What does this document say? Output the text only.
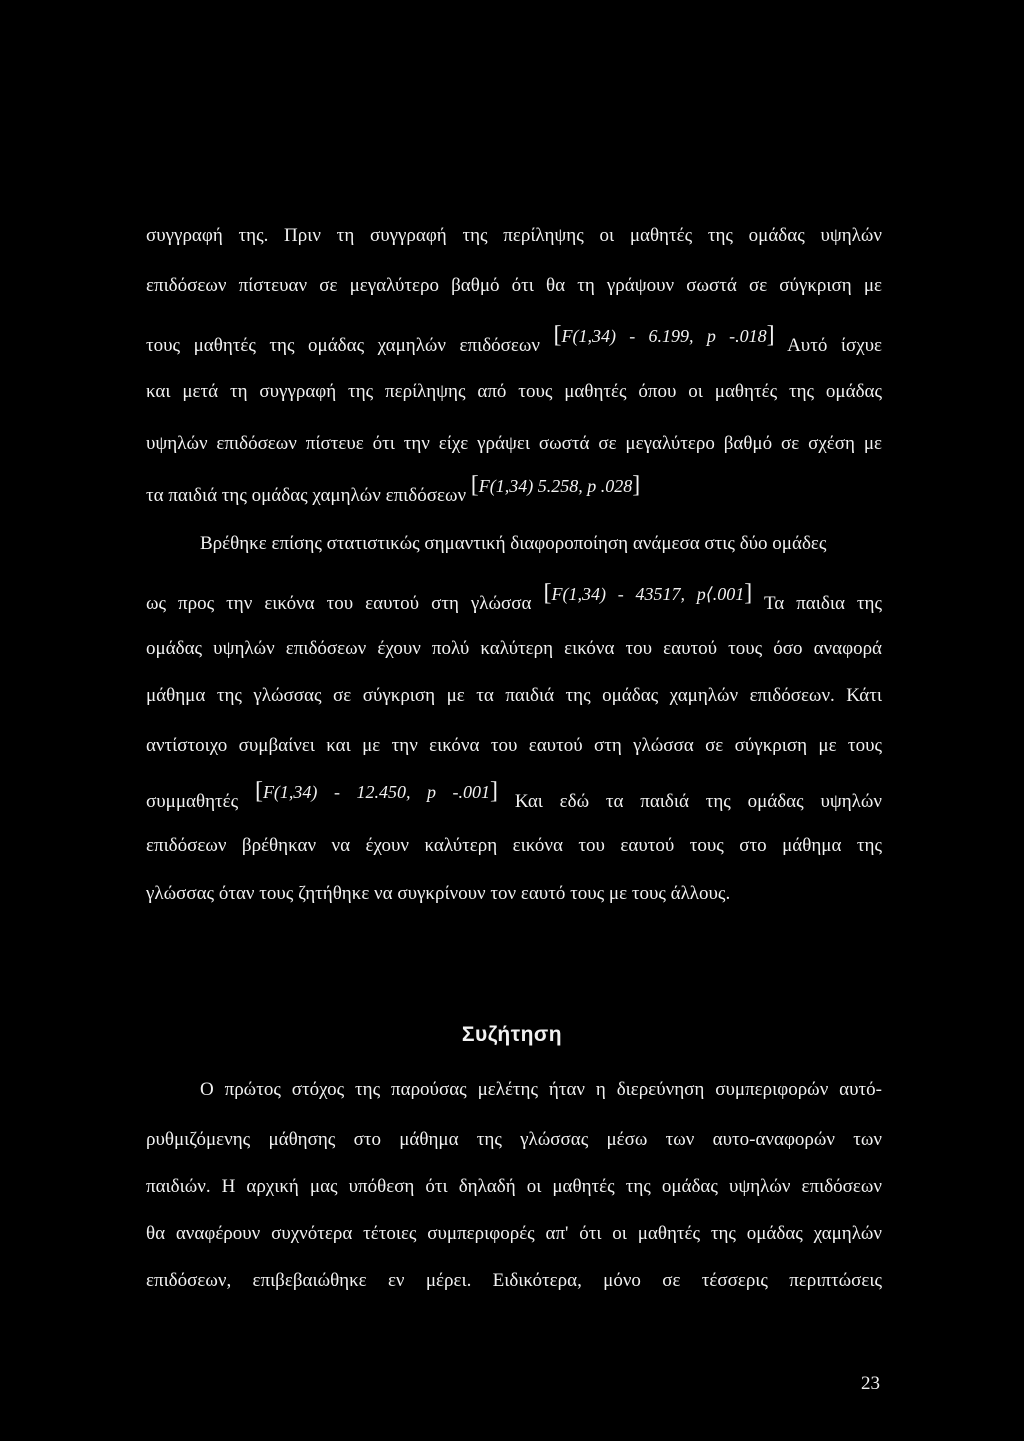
συγγραφή της. Πριν τη συγγραφή της περίληψης οι μαθητές της ομάδας υψηλών
επιδόσεων πίστευαν σε μεγαλύτερο βαθμό ότι θα τη γράψουν σωστά σε σύγκριση με
τους μαθητές της ομάδας χαμηλών επιδόσεων [F(1,34) - 6.199, p -.018] Αυτό ίσχυε
και μετά τη συγγραφή της περίληψης από τους μαθητές όπου οι μαθητές της ομάδας
υψηλών επιδόσεων πίστευε ότι την είχε γράψει σωστά σε μεγαλύτερο βαθμό σε σχέση με
τα παιδιά της ομάδας χαμηλών επιδόσεων [F(1,34) 5.258, p .028]
Βρέθηκε επίσης στατιστικώς σημαντική διαφοροποίηση ανάμεσα στις δύο ομάδες
ως προς την εικόνα του εαυτού στη γλώσσα [F(1,34) - 43517, p⟨.001] Τα παιδια της
ομάδας υψηλών επιδόσεων έχουν πολύ καλύτερη εικόνα του εαυτού τους όσο αναφορά
μάθημα της γλώσσας σε σύγκριση με τα παιδιά της ομάδας χαμηλών επιδόσεων. Κάτι
αντίστοιχο συμβαίνει και με την εικόνα του εαυτού στη γλώσσα σε σύγκριση με τους
συμμαθητές [F(1,34) - 12.450, p -.001] Και εδώ τα παιδιά της ομάδας υψηλών
επιδόσεων βρέθηκαν να έχουν καλύτερη εικόνα του εαυτού τους στο μάθημα της
γλώσσας όταν τους ζητήθηκε να συγκρίνουν τον εαυτό τους με τους άλλους.
Συζήτηση
Ο πρώτος στόχος της παρούσας μελέτης ήταν η διερεύνηση συμπεριφορών αυτό-
ρυθμιζόμενης μάθησης στο μάθημα της γλώσσας μέσω των αυτο-αναφορών των
παιδιών. Η αρχική μας υπόθεση ότι δηλαδή οι μαθητές της ομάδας υψηλών επιδόσεων
θα αναφέρουν συχνότερα τέτοιες συμπεριφορές απ' ότι οι μαθητές της ομάδας χαμηλών
επιδόσεων, επιβεβαιώθηκε εν μέρει. Ειδικότερα, μόνο σε τέσσερις περιπτώσεις
23
